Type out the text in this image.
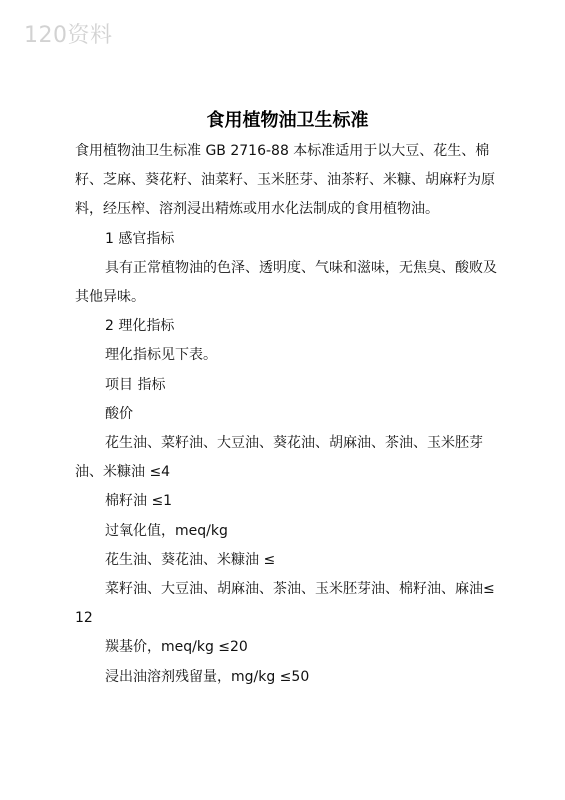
120资料
食用植物油卫生标准

食用植物油卫生标准 GB 2716-88 本标准适用于以大豆、花生、棉籽、芝麻、葵花籽、油菜籽、玉米胚芽、油茶籽、米糠、胡麻籽为原料，经压榨、溶剂浸出精炼或用水化法制成的食用植物油。

1 感官指标

具有正常植物油的色泽、透明度、气味和滋味，无焦臭、酸败及其他异味。

2 理化指标

理化指标见下表。

项目 指标

酸价

花生油、菜籽油、大豆油、葵花油、胡麻油、茶油、玉米胚芽油、米糠油 ≤4

棉籽油 ≤1

过氧化值，meq/kg

花生油、葵花油、米糠油 ≤

菜籽油、大豆油、胡麻油、茶油、玉米胚芽油、棉籽油、麻油≤12

羰基价，meq/kg ≤20

浸出油溶剂残留量，mg/kg ≤50
